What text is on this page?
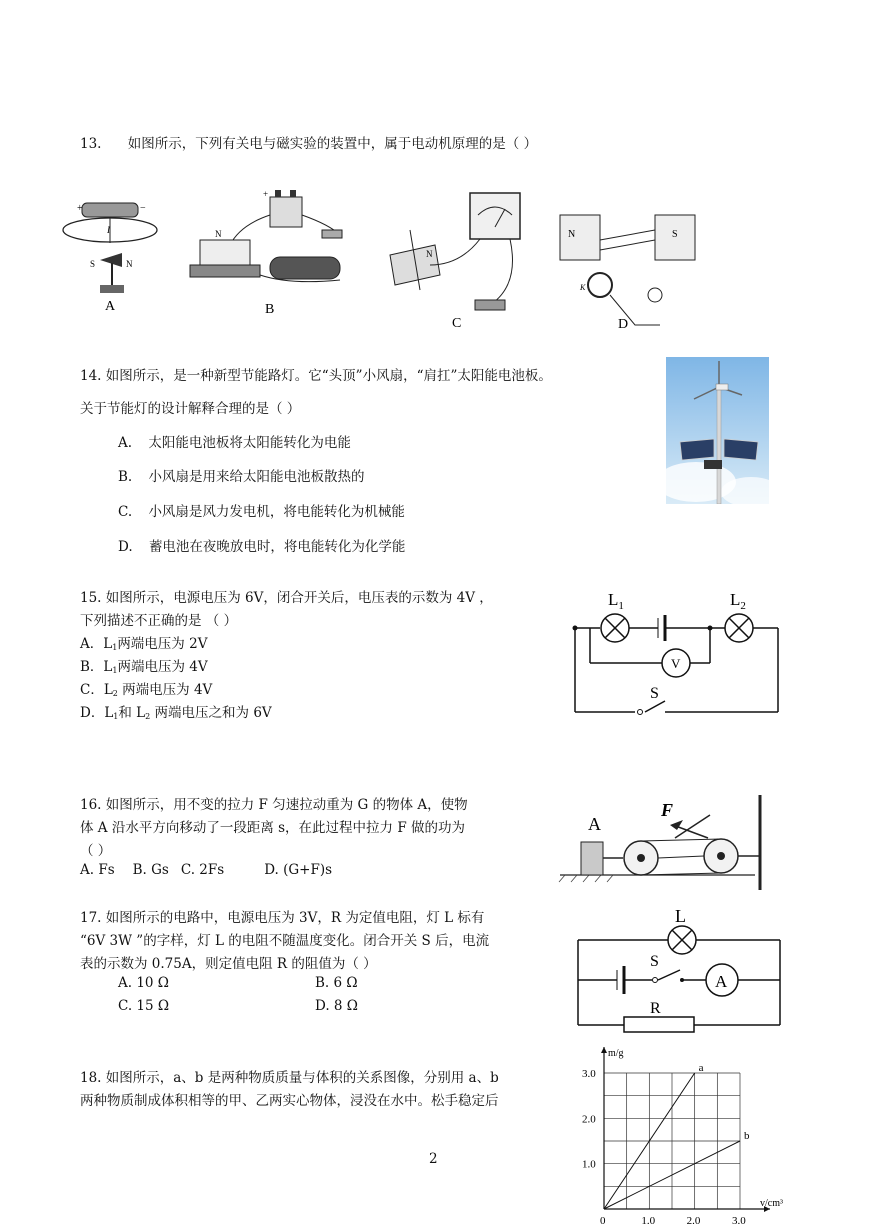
13. 如图所示，下列有关电与磁实验的装置中，属于电动机原理的是（ ）
+	−
I
S	N
+
N
N
N	S
K
A	B
C	D
14. 如图所示，是一种新型节能路灯。它“头顶”小风扇，“肩扛”太阳能电池板。
关于节能灯的设计解释合理的是（ ）
A. 太阳能电池板将太阳能转化为电能
B. 小风扇是用来给太阳能电池板散热的
C. 小风扇是风力发电机，将电能转化为机械能
D. 蓄电池在夜晚放电时，将电能转化为化学能
15. 如图所示，电源电压为 6V，闭合开关后，电压表的示数为 4V ，
下列描述不正确的是 （ ）
A．$L_1$两端电压为 2V
B．$L_1$两端电压为 4V
C．$L_2$ 两端电压为 4V
D．$L_1$和 $L_2$ 两端电压之和为 6V
$L_1$	$L_2$
V
S
16. 如图所示，用不变的拉力 F 匀速拉动重为 G 的物体 A，使物
体 A 沿水平方向移动了一段距离 s，在此过程中拉力 F 做的功为
（ ）
A. Fs B. Gs C. 2Fs	D. (G+F)s
A
F
17. 如图所示的电路中，电源电压为 3V，R 为定值电阻，灯 L 标有
“6V 3W ”的字样，灯 L 的电阻不随温度变化。闭合开关 S 后，电流
表的示数为 0.75A，则定值电阻 R 的阻值为（ ）
A. 10 Ω	B. 6 Ω
C. 15 Ω	D. 8 Ω
L
S
A
R
18. 如图所示，a、b 是两种物质质量与体积的关系图像，分别用 a、b
两种物质制成体积相等的甲、乙两实心物体，浸没在水中。松手稳定后
a
b
0	1.0	2.0	3.0
1.0
2.0
3.0
m/g
v/cm³
2
